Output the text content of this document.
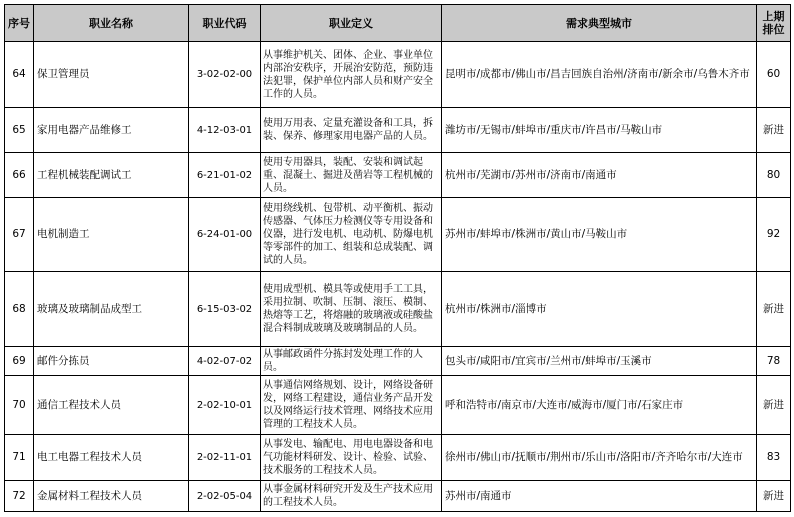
序号	职业名称	职业代码	职业定义	需求典型城市	上期排位
64	保卫管理员	3-02-02-00	从事维护机关、团体、企业、事业单位内部治安秩序，开展治安防范，预防违法犯罪，保护单位内部人员和财产安全工作的人员。	昆明市/成都市/佛山市/昌吉回族自治州/济南市/新余市/乌鲁木齐市	60
65	家用电器产品维修工	4-12-03-01	使用万用表、定量充灌设备和工具，拆装、保养、修理家用电器产品的人员。	潍坊市/无锡市/蚌埠市/重庆市/许昌市/马鞍山市	新进
66	工程机械装配调试工	6-21-01-02	使用专用器具，装配、安装和调试起重、混凝土、掘进及凿岩等工程机械的人员。	杭州市/芜湖市/苏州市/济南市/南通市	80
67	电机制造工	6-24-01-00	使用绕线机、包带机、动平衡机、振动传感器、气体压力检测仪等专用设备和仪器，进行发电机、电动机、防爆电机等零部件的加工、组装和总成装配、调试的人员。	苏州市/蚌埠市/株洲市/黄山市/马鞍山市	92
68	玻璃及玻璃制品成型工	6-15-03-02	使用成型机、模具等或使用手工工具，采用拉制、吹制、压制、滚压、模制、热熔等工艺，将熔融的玻璃液或硅酸盐混合料制成玻璃及玻璃制品的人员。	杭州市/株洲市/淄博市	新进
69	邮件分拣员	4-02-07-02	从事邮政函件分拣封发处理工作的人员。	包头市/咸阳市/宜宾市/兰州市/蚌埠市/玉溪市	78
70	通信工程技术人员	2-02-10-01	从事通信网络规划、设计，网络设备研发，网络工程建设，通信业务产品开发以及网络运行技术管理、网络技术应用管理的工程技术人员。	呼和浩特市/南京市/大连市/威海市/厦门市/石家庄市	新进
71	电工电器工程技术人员	2-02-11-01	从事发电、输配电、用电电器设备和电气功能材料研发、设计、检验、试验、技术服务的工程技术人员。	徐州市/佛山市/抚顺市/荆州市/乐山市/洛阳市/齐齐哈尔市/大连市	83
72	金属材料工程技术人员	2-02-05-04	从事金属材料研究开发及生产技术应用的工程技术人员。	苏州市/南通市	新进
